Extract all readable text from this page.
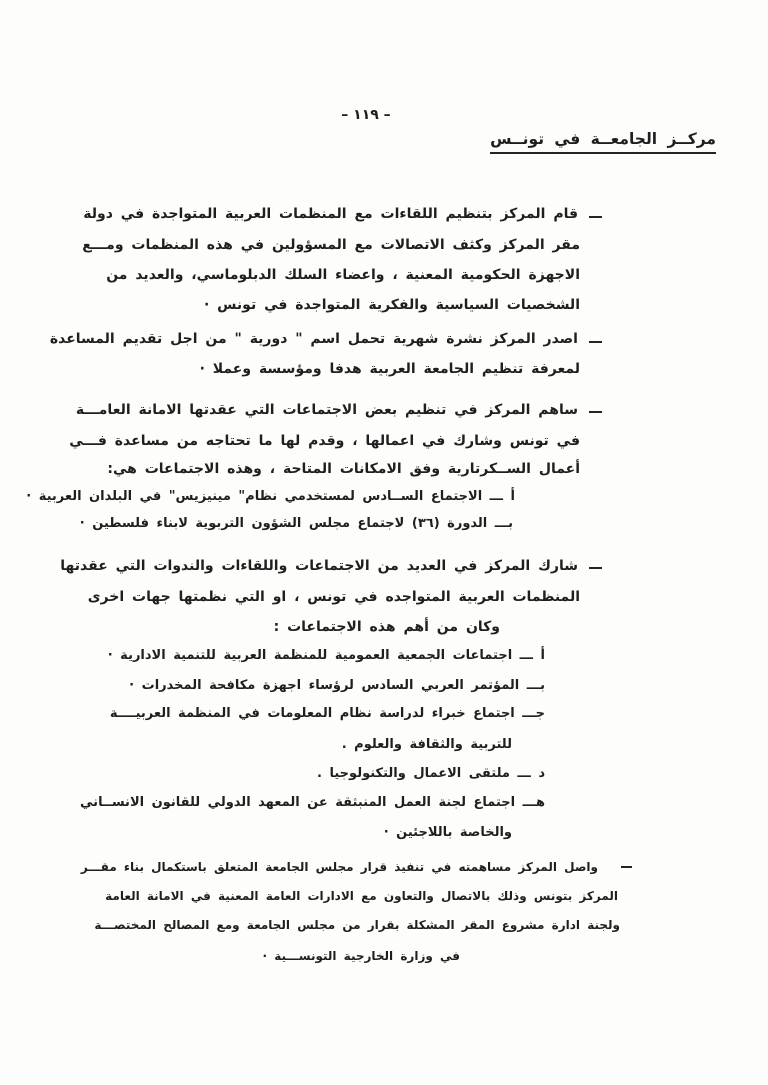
– ١١٩ –
مركــز الجامعــة في تونــس
قام المركز بتنظيم اللقاءات مع المنظمات العربية المتواجدة في دولة
مقر المركز وكثف الاتصالات مع المسؤولين في هذه المنظمات ومـــع
الاجهزة الحكومية المعنية ، واعضاء السلك الدبلوماسي، والعديد من
الشخصيات السياسية والفكرية المتواجدة في تونس ·
اصدر المركز نشرة شهرية تحمل اسم " دورية " من اجل تقديم المساعدة
لمعرفة تنظيم الجامعة العربية هدفا ومؤسسة وعملا ·
ساهم المركز في تنظيم بعض الاجتماعات التي عقدتها الامانة العامـــة
في تونس وشارك في اعمالها ، وقدم لها ما تحتاجه من مساعدة فـــي
أعمال الســكرتارية وفق الامكانات المتاحة ، وهذه الاجتماعات هي:
أ ـــ الاجتماع الســادس لمستخدمي نظام" مينيزيس" في البلدان العربية ·
بـــ الدورة (٣٦) لاجتماع مجلس الشؤون التربوية لابناء فلسطين ·
شارك المركز في العديد من الاجتماعات واللقاءات والندوات التي عقدتها
المنظمات العربية المتواجده في تونس ، او التي نظمتها جهات اخرى
وكان من أهم هذه الاجتماعات :
أ ـــ اجتماعات الجمعية العمومية للمنظمة العربية للتنمية الادارية ·
بـــ المؤتمر العربي السادس لرؤساء اجهزة مكافحة المخدرات ·
جـــ اجتماع خبراء لدراسة نظام المعلومات في المنظمة العربيــــة
للتربية والثقافة والعلوم .
د ـــ ملتقى الاعمال والتكنولوجيا .
هـــ اجتماع لجنة العمل المنبثقة عن المعهد الدولي للقانون الانســاني
والخاصة باللاجئين ·
واصل المركز مساهمته في تنفيذ قرار مجلس الجامعة المتعلق باستكمال بناء مقـــر
المركز بتونس وذلك بالاتصال والتعاون مع الادارات العامة المعنية في الامانة العامة
ولجنة ادارة مشروع المقر المشكلة بقرار من مجلس الجامعة ومع المصالح المختصـــة
في وزارة الخارجية التونســـية ·
